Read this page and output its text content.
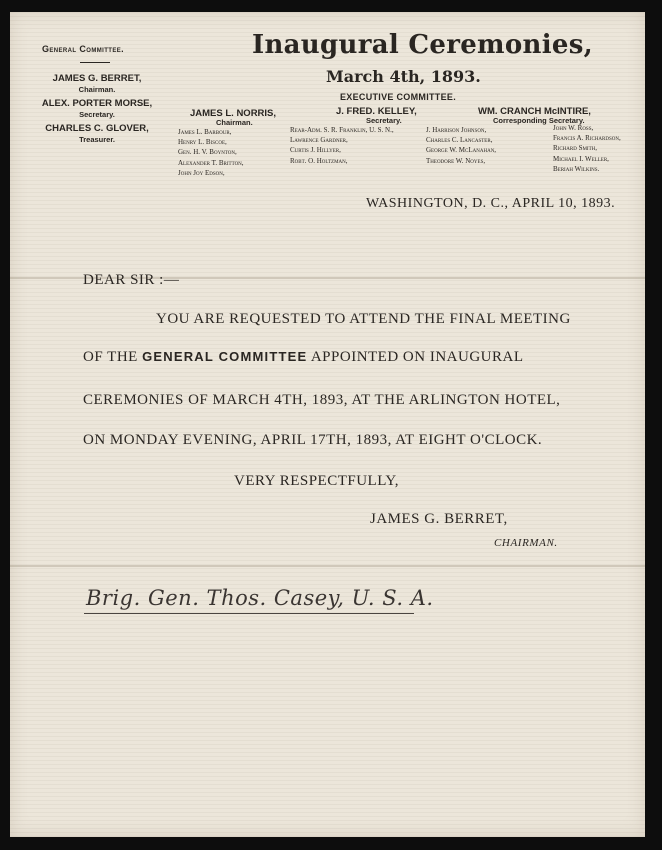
General Committee.
JAMES G. BERRET,
Chairman.
ALEX. PORTER MORSE,
Secretary.
CHARLES C. GLOVER,
Treasurer.
Inaugural Ceremonies,
March 4th, 1893.
EXECUTIVE COMMITTEE.
JAMES L. NORRIS,
Chairman.
J. FRED. KELLEY,
Secretary.
WM. CRANCH McINTIRE,
Corresponding Secretary.
James L. Barbour,
Henry L. Biscoe,
Gen. H. V. Boynton,
Alexander T. Britton,
John Joy Edson,
Rear-Adm. S. R. Franklin, U. S. N.,
Lawrence Gardner,
Curtis J. Hillyer,
Robt. O. Holtzman,
J. Harrison Johnson,
Charles C. Lancaster,
George W. McLanahan,
Theodore W. Noyes,
John W. Ross,
Francis A. Richardson,
Richard Smith,
Michael I. Weller,
Beriah Wilkins.
WASHINGTON, D. C., APRIL 10, 1893.
DEAR SIR :—
YOU ARE REQUESTED TO ATTEND THE FINAL MEETING
OF THE GENERAL COMMITTEE APPOINTED ON INAUGURAL
CEREMONIES OF MARCH 4TH, 1893, AT THE ARLINGTON HOTEL,
ON MONDAY EVENING, APRIL 17TH, 1893, AT EIGHT O'CLOCK.
VERY RESPECTFULLY,
JAMES G. BERRET,
CHAIRMAN.
Brig. Gen. Thos. Casey, U. S. A.
